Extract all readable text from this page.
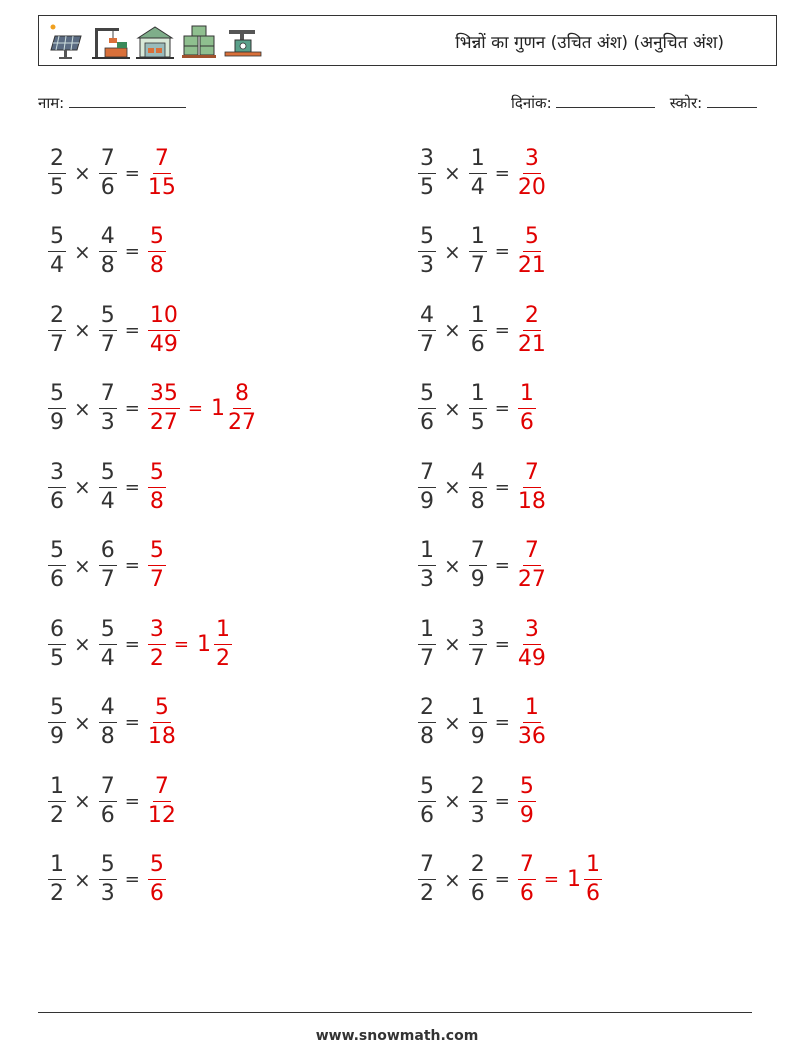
भिन्नों का गुणन (उचित अंश) (अनुचित अंश)
नाम:	दिनांक:	स्कोर:
$\frac{2}{5} \times \frac{7}{6} = \frac{7}{15}$	$\frac{3}{5} \times \frac{1}{4} = \frac{3}{20}$
$\frac{5}{4} \times \frac{4}{8} = \frac{5}{8}$	$\frac{5}{3} \times \frac{1}{7} = \frac{5}{21}$
$\frac{2}{7} \times \frac{5}{7} = \frac{10}{49}$	$\frac{4}{7} \times \frac{1}{6} = \frac{2}{21}$
$\frac{5}{9} \times \frac{7}{3} = \frac{35}{27} = 1 \frac{8}{27}$	$\frac{5}{6} \times \frac{1}{5} = \frac{1}{6}$
$\frac{3}{6} \times \frac{5}{4} = \frac{5}{8}$	$\frac{7}{9} \times \frac{4}{8} = \frac{7}{18}$
$\frac{5}{6} \times \frac{6}{7} = \frac{5}{7}$	$\frac{1}{3} \times \frac{7}{9} = \frac{7}{27}$
$\frac{6}{5} \times \frac{5}{4} = \frac{3}{2} = 1 \frac{1}{2}$	$\frac{1}{7} \times \frac{3}{7} = \frac{3}{49}$
$\frac{5}{9} \times \frac{4}{8} = \frac{5}{18}$	$\frac{2}{8} \times \frac{1}{9} = \frac{1}{36}$
$\frac{1}{2} \times \frac{7}{6} = \frac{7}{12}$	$\frac{5}{6} \times \frac{2}{3} = \frac{5}{9}$
$\frac{1}{2} \times \frac{5}{3} = \frac{5}{6}$	$\frac{7}{2} \times \frac{2}{6} = \frac{7}{6} = 1 \frac{1}{6}$
www.snowmath.com
